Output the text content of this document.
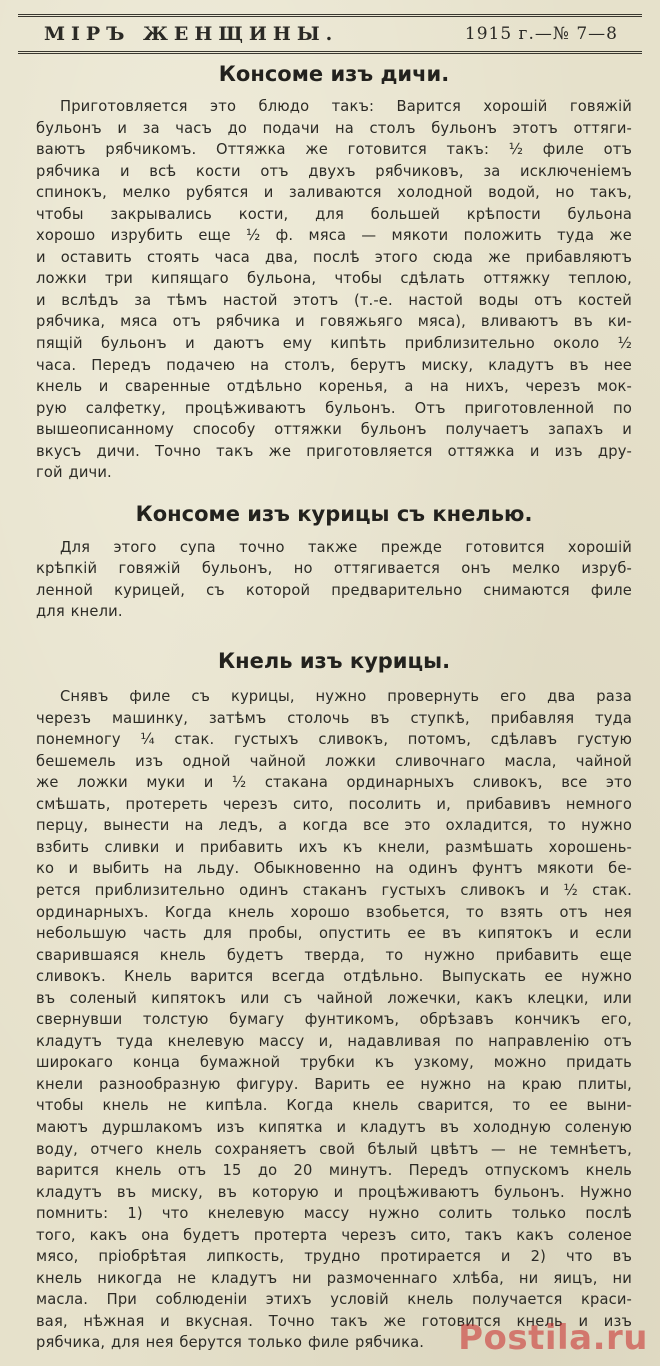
МІРЪ ЖЕНЩИНЫ.	1915 г.—№ 7—8
Консоме изъ дичи.
Приготовляется это блюдо такъ: Варится хорошій говяжій
бульонъ и за часъ до подачи на столъ бульонъ этотъ оттяги-
ваютъ рябчикомъ. Оттяжка же готовится такъ: ½ филе отъ
рябчика и всѣ кости отъ двухъ рябчиковъ, за исключеніемъ
спинокъ, мелко рубятся и заливаются холодной водой, но такъ,
чтобы закрывались кости, для большей крѣпости бульона
хорошо изрубить еще ½ ф. мяса — мякоти положить туда же
и оставить стоять часа два, послѣ этого сюда же прибавляютъ
ложки три кипящаго бульона, чтобы сдѣлать оттяжку теплою,
и вслѣдъ за тѣмъ настой этотъ (т.-е. настой воды отъ костей
рябчика, мяса отъ рябчика и говяжьяго мяса), вливаютъ въ ки-
пящій бульонъ и даютъ ему кипѣть приблизительно около ½
часа. Передъ подачею на столъ, берутъ миску, кладутъ въ нее
кнель и сваренные отдѣльно коренья, а на нихъ, черезъ мок-
рую салфетку, процѣживаютъ бульонъ. Отъ приготовленной по
вышеописанному способу оттяжки бульонъ получаетъ запахъ и
вкусъ дичи. Точно такъ же приготовляется оттяжка и изъ дру-
гой дичи.
Консоме изъ курицы съ кнелью.
Для этого супа точно также прежде готовится хорошій
крѣпкій говяжій бульонъ, но оттягивается онъ мелко изруб-
ленной курицей, съ которой предварительно снимаются филе
для кнели.
Кнель изъ курицы.
Снявъ филе съ курицы, нужно провернуть его два раза
черезъ машинку, затѣмъ столочь въ ступкѣ, прибавляя туда
понемногу ¼ стак. густыхъ сливокъ, потомъ, сдѣлавъ густую
бешемель изъ одной чайной ложки сливочнаго масла, чайной
же ложки муки и ½ стакана ординарныхъ сливокъ, все это
смѣшать, протереть черезъ сито, посолить и, прибавивъ немного
перцу, вынести на ледъ, а когда все это охладится, то нужно
взбить сливки и прибавить ихъ къ кнели, размѣшать хорошень-
ко и выбить на льду. Обыкновенно на одинъ фунтъ мякоти бе-
рется приблизительно одинъ стаканъ густыхъ сливокъ и ½ стак.
ординарныхъ. Когда кнель хорошо взобьется, то взять отъ нея
небольшую часть для пробы, опустить ее въ кипятокъ и если
сварившаяся кнель будетъ тверда, то нужно прибавить еще
сливокъ. Кнель варится всегда отдѣльно. Выпускать ее нужно
въ соленый кипятокъ или съ чайной ложечки, какъ клецки, или
свернувши толстую бумагу фунтикомъ, обрѣзавъ кончикъ его,
кладутъ туда кнелевую массу и, надавливая по направленію отъ
широкаго конца бумажной трубки къ узкому, можно придать
кнели разнообразную фигуру. Варить ее нужно на краю плиты,
чтобы кнель не кипѣла. Когда кнель сварится, то ее выни-
маютъ дуршлакомъ изъ кипятка и кладутъ въ холодную соленую
воду, отчего кнель сохраняетъ свой бѣлый цвѣтъ — не темнѣетъ,
варится кнель отъ 15 до 20 минутъ. Передъ отпускомъ кнель
кладутъ въ миску, въ которую и процѣживаютъ бульонъ. Нужно
помнить: 1) что кнелевую массу нужно солить только послѣ
того, какъ она будетъ протерта черезъ сито, такъ какъ соленое
мясо, пріобрѣтая липкость, трудно протирается и 2) что въ
кнель никогда не кладутъ ни размоченнаго хлѣба, ни яицъ, ни
масла. При соблюденіи этихъ условій кнель получается краси-
вая, нѣжная и вкусная. Точно такъ же готовится кнель и изъ
рябчика, для нея берутся только филе рябчика. Postila.ru
